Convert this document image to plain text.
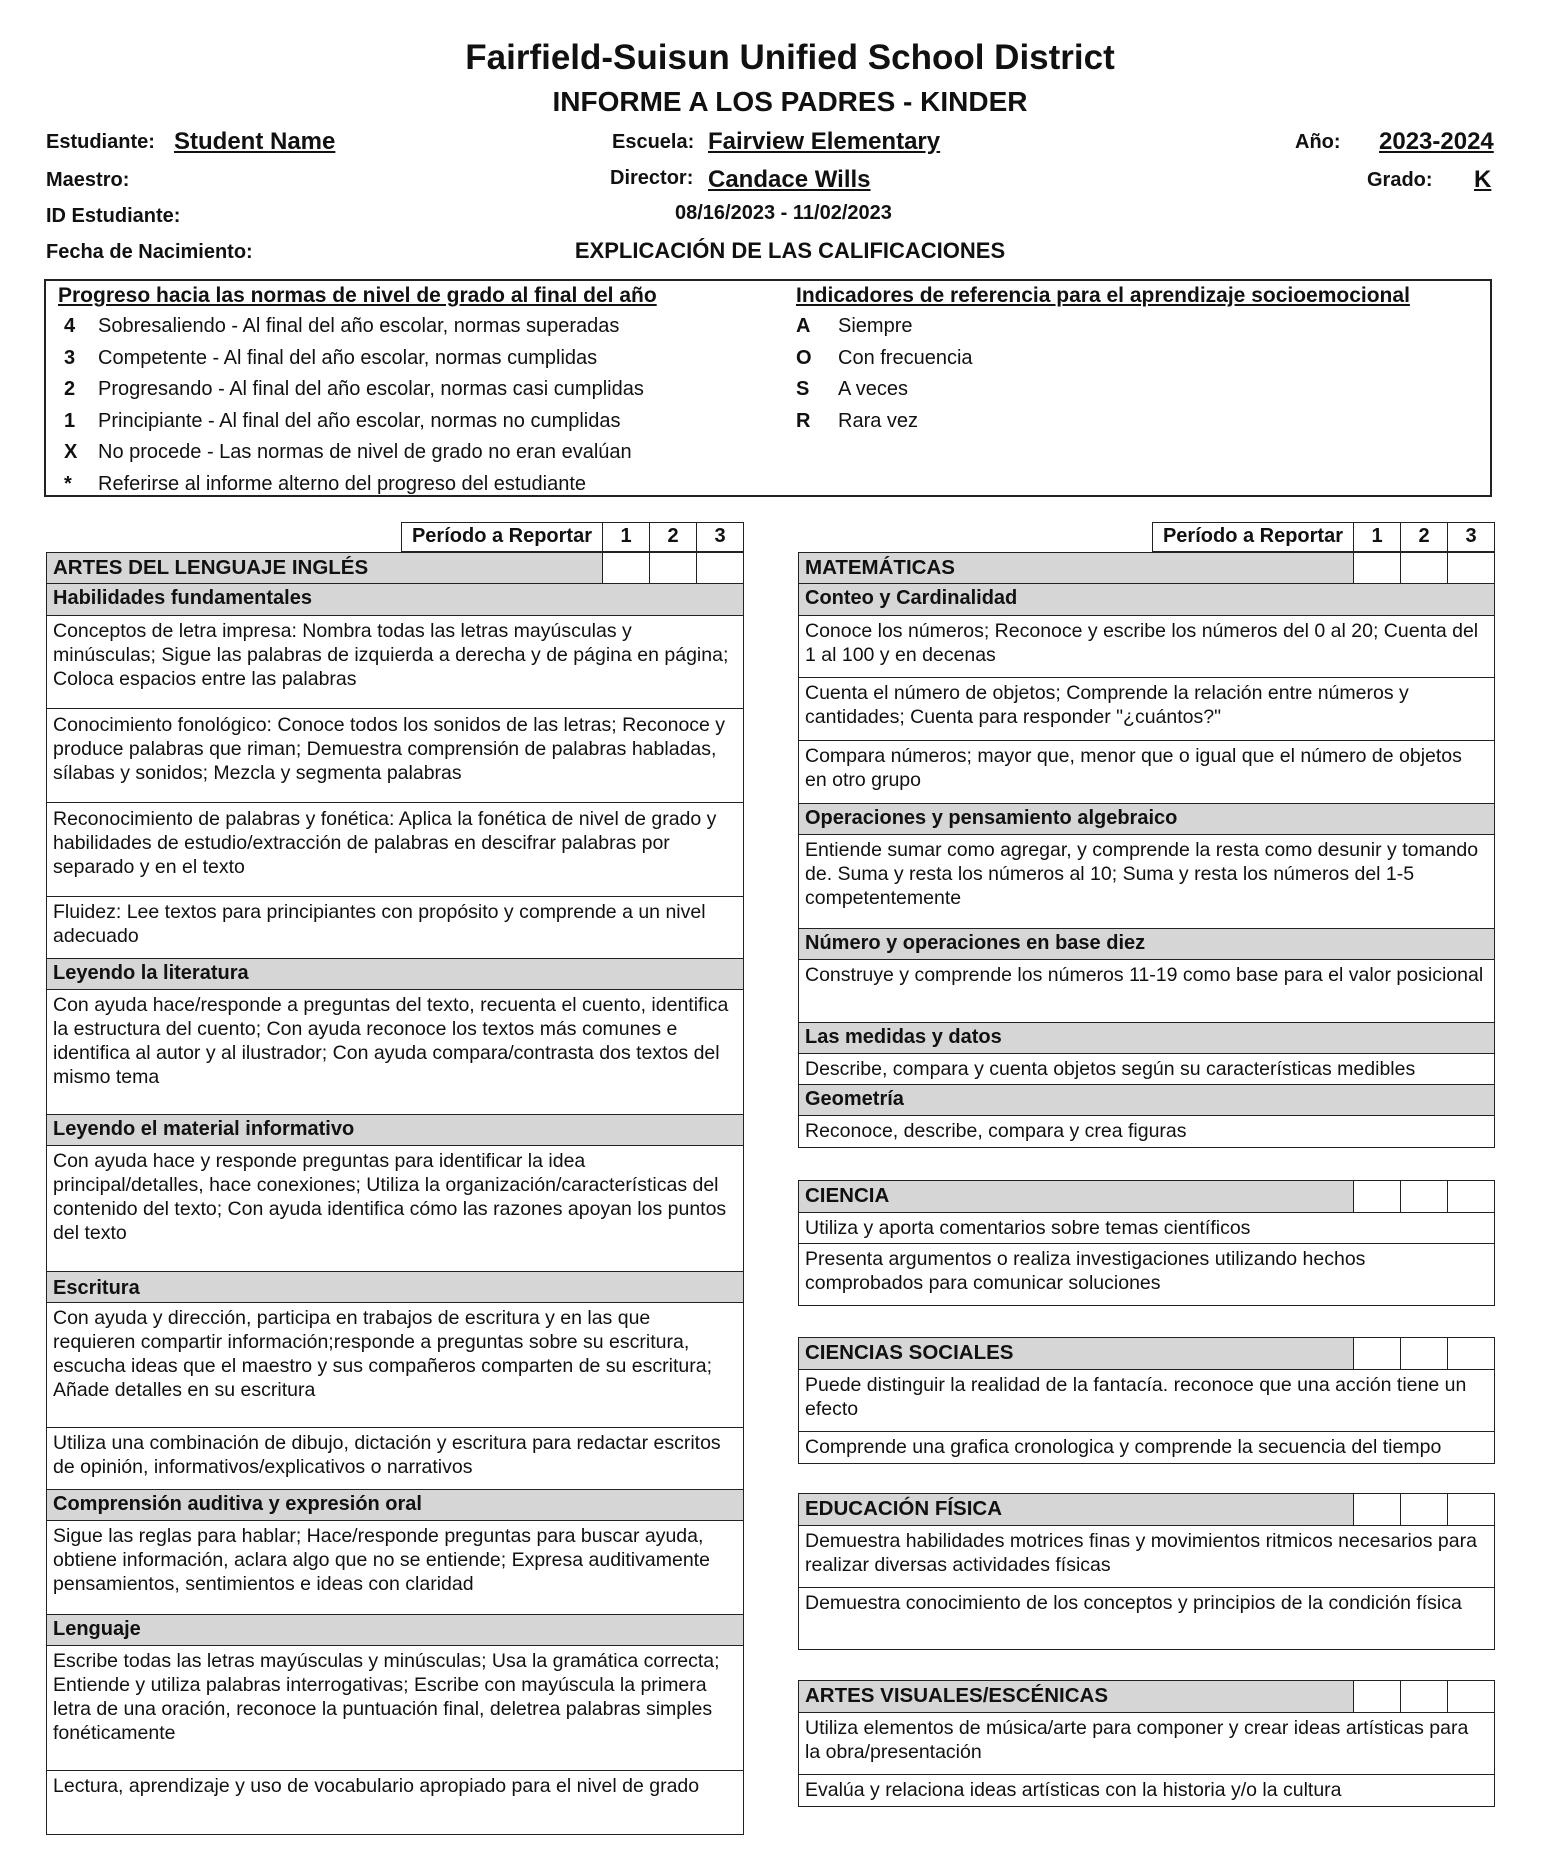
Fairfield-Suisun Unified School District
INFORME A LOS PADRES - KINDER
Estudiante: Student Name	Escuela: Fairview Elementary	Año: 2023-2024
Maestro:	Director: Candace Wills	Grado: K
ID Estudiante:	08/16/2023 - 11/02/2023
Fecha de Nacimiento:	EXPLICACIÓN DE LAS CALIFICACIONES
Progreso hacia las normas de nivel de grado al final del año
4 Sobresaliendo - Al final del año escolar, normas superadas
3 Competente - Al final del año escolar, normas cumplidas
2 Progresando - Al final del año escolar, normas casi cumplidas
1 Principiante - Al final del año escolar, normas no cumplidas
X No procede - Las normas de nivel de grado no eran evalúan
* Referirse al informe alterno del progreso del estudiante
Indicadores de referencia para el aprendizaje socioemocional
A Siempre
O Con frecuencia
S A veces
R Rara vez
Período a Reportar	1	2	3
ARTES DEL LENGUAJE INGLÉS
Habilidades fundamentales
Conceptos de letra impresa: Nombra todas las letras mayúsculas y minúsculas; Sigue las palabras de izquierda a derecha y de página en página; Coloca espacios entre las palabras
Conocimiento fonológico: Conoce todos los sonidos de las letras; Reconoce y produce palabras que riman; Demuestra comprensión de palabras habladas, sílabas y sonidos; Mezcla y segmenta palabras
Reconocimiento de palabras y fonética: Aplica la fonética de nivel de grado y habilidades de estudio/extracción de palabras en descifrar palabras por separado y en el texto
Fluidez: Lee textos para principiantes con propósito y comprende a un nivel adecuado
Leyendo la literatura
Con ayuda hace/responde a preguntas del texto, recuenta el cuento, identifica la estructura del cuento; Con ayuda reconoce los textos más comunes e identifica al autor y al ilustrador; Con ayuda compara/contrasta dos textos del mismo tema
Leyendo el material informativo
Con ayuda hace y responde preguntas para identificar la idea principal/detalles, hace conexiones; Utiliza la organización/características del contenido del texto; Con ayuda identifica cómo las razones apoyan los puntos del texto
Escritura
Con ayuda y dirección, participa en trabajos de escritura y en las que requieren compartir información;responde a preguntas sobre su escritura, escucha ideas que el maestro y sus compañeros comparten de su escritura; Añade detalles en su escritura
Utiliza una combinación de dibujo, dictación y escritura para redactar escritos de opinión, informativos/explicativos o narrativos
Comprensión auditiva y expresión oral
Sigue las reglas para hablar; Hace/responde preguntas para buscar ayuda, obtiene información, aclara algo que no se entiende; Expresa auditivamente pensamientos, sentimientos e ideas con claridad
Lenguaje
Escribe todas las letras mayúsculas y minúsculas; Usa la gramática correcta; Entiende y utiliza palabras interrogativas; Escribe con mayúscula la primera letra de una oración, reconoce la puntuación final, deletrea palabras simples fonéticamente
Lectura, aprendizaje y uso de vocabulario apropiado para el nivel de grado
Período a Reportar	1	2	3
MATEMÁTICAS
Conteo y Cardinalidad
Conoce los números; Reconoce y escribe los números del 0 al 20; Cuenta del 1 al 100 y en decenas
Cuenta el número de objetos; Comprende la relación entre números y cantidades; Cuenta para responder "¿cuántos?"
Compara números; mayor que, menor que o igual que el número de objetos en otro grupo
Operaciones y pensamiento algebraico
Entiende sumar como agregar, y comprende la resta como desunir y tomando de. Suma y resta los números al 10; Suma y resta los números del 1-5 competentemente
Número y operaciones en base diez
Construye y comprende los números 11-19 como base para el valor posicional
Las medidas y datos
Describe, compara y cuenta objetos según su características medibles
Geometría
Reconoce, describe, compara y crea figuras
CIENCIA
Utiliza y aporta comentarios sobre temas científicos
Presenta argumentos o realiza investigaciones utilizando hechos comprobados para comunicar soluciones
CIENCIAS SOCIALES
Puede distinguir la realidad de la fantacía. reconoce que una acción tiene un efecto
Comprende una grafica cronologica y comprende la secuencia del tiempo
EDUCACIÓN FÍSICA
Demuestra habilidades motrices finas y movimientos ritmicos necesarios para realizar diversas actividades físicas
Demuestra conocimiento de los conceptos y principios de la condición física
ARTES VISUALES/ESCÉNICAS
Utiliza elementos de música/arte para componer y crear ideas artísticas para la obra/presentación
Evalúa y relaciona ideas artísticas con la historia y/o la cultura
